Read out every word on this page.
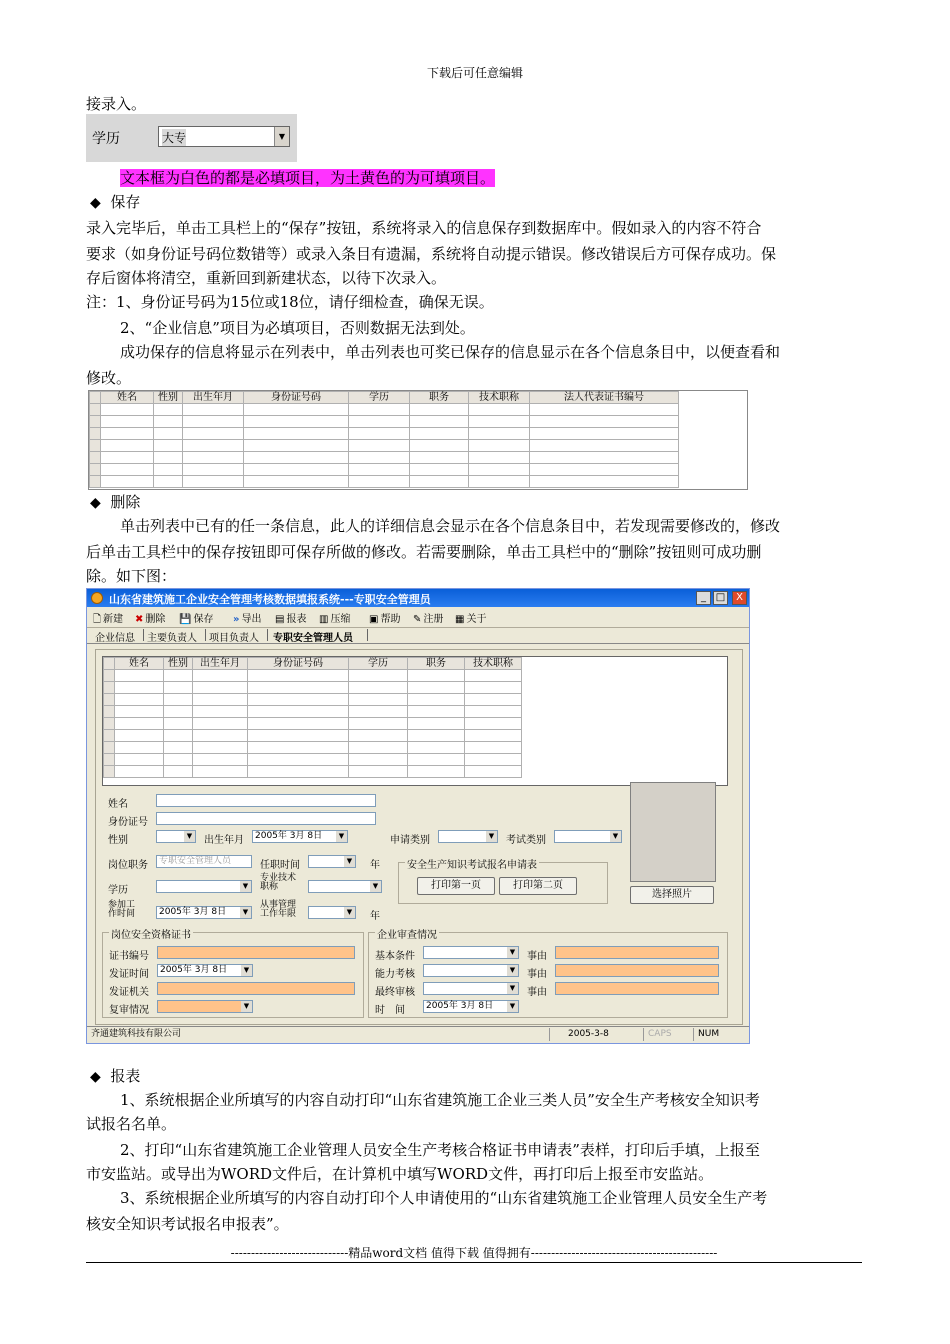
下载后可任意编辑
接录入。
学历	大专	▼
文本框为白色的都是必填项目，为土黄色的为可填项目。
◆ 保存
录入完毕后，单击工具栏上的“保存”按钮，系统将录入的信息保存到数据库中。假如录入的内容不符合
要求（如身份证号码位数错等）或录入条目有遗漏，系统将自动提示错误。修改错误后方可保存成功。保
存后窗体将清空，重新回到新建状态，以待下次录入。
注：1、身份证号码为15位或18位，请仔细检查，确保无误。
2、“企业信息”项目为必填项目，否则数据无法到处。
成功保存的信息将显示在列表中，单击列表也可奖已保存的信息显示在各个信息条目中，以便查看和
修改。
	姓名	性别	出生年月	身份证号码	学历	职务	技术职称	法人代表证书编号

◆ 删除
单击列表中已有的任一条信息，此人的详细信息会显示在各个信息条目中，若发现需要修改的，修改
后单击工具栏中的保存按钮即可保存所做的修改。若需要删除，单击工具栏中的“删除”按钮则可成功删
除。如下图：
山东省建筑施工企业安全管理考核数据填报系统---专职安全管理员	_ □	X
🗋 新建 ✖ 删除 💾 保存 » 导出 ▤ 报表 ▥ 压缩 ▣ 帮助 ✎ 注册 ▦ 关于
企业信息 主要负责人 项目负责人 专职安全管理人员
	姓名	性别	出生年月	身份证号码	学历	职务	技术职称

姓名
身份证号
性别	▼ 出生年月 2005年 3月 8日	▼	申请类别	▼ 考试类别	▼
岗位职务	专职安全管理人员	任职时间	▼ 年
学历	▼
专业技术
职称	▼
参加工
作时间	2005年 3月 8日	▼
从事管理
工作年限	▼ 年
安全生产知识考试报名申请表
打印第一页	打印第二页
选择照片
岗位安全资格证书
证书编号
发证时间 2005年 3月 8日	▼
发证机关
复审情况	▼
企业审查情况
基本条件	▼ 事由
能力考核	▼ 事由
最终审核	▼ 事由
时　间 2005年 3月 8日	▼
齐通建筑科技有限公司	2005-3-8	CAPS	NUM
◆ 报表
1、系统根据企业所填写的内容自动打印“山东省建筑施工企业三类人员”安全生产考核安全知识考
试报名名单。
2、打印“山东省建筑施工企业管理人员安全生产考核合格证书申请表”表样，打印后手填，上报至
市安监站。或导出为WORD文件后，在计算机中填写WORD文件，再打印后上报至市安监站。
3、系统根据企业所填写的内容自动打印个人申请使用的“山东省建筑施工企业管理人员安全生产考
核安全知识考试报名申报表”。
-----------------------------精品word文档 值得下载 值得拥有----------------------------------------------
